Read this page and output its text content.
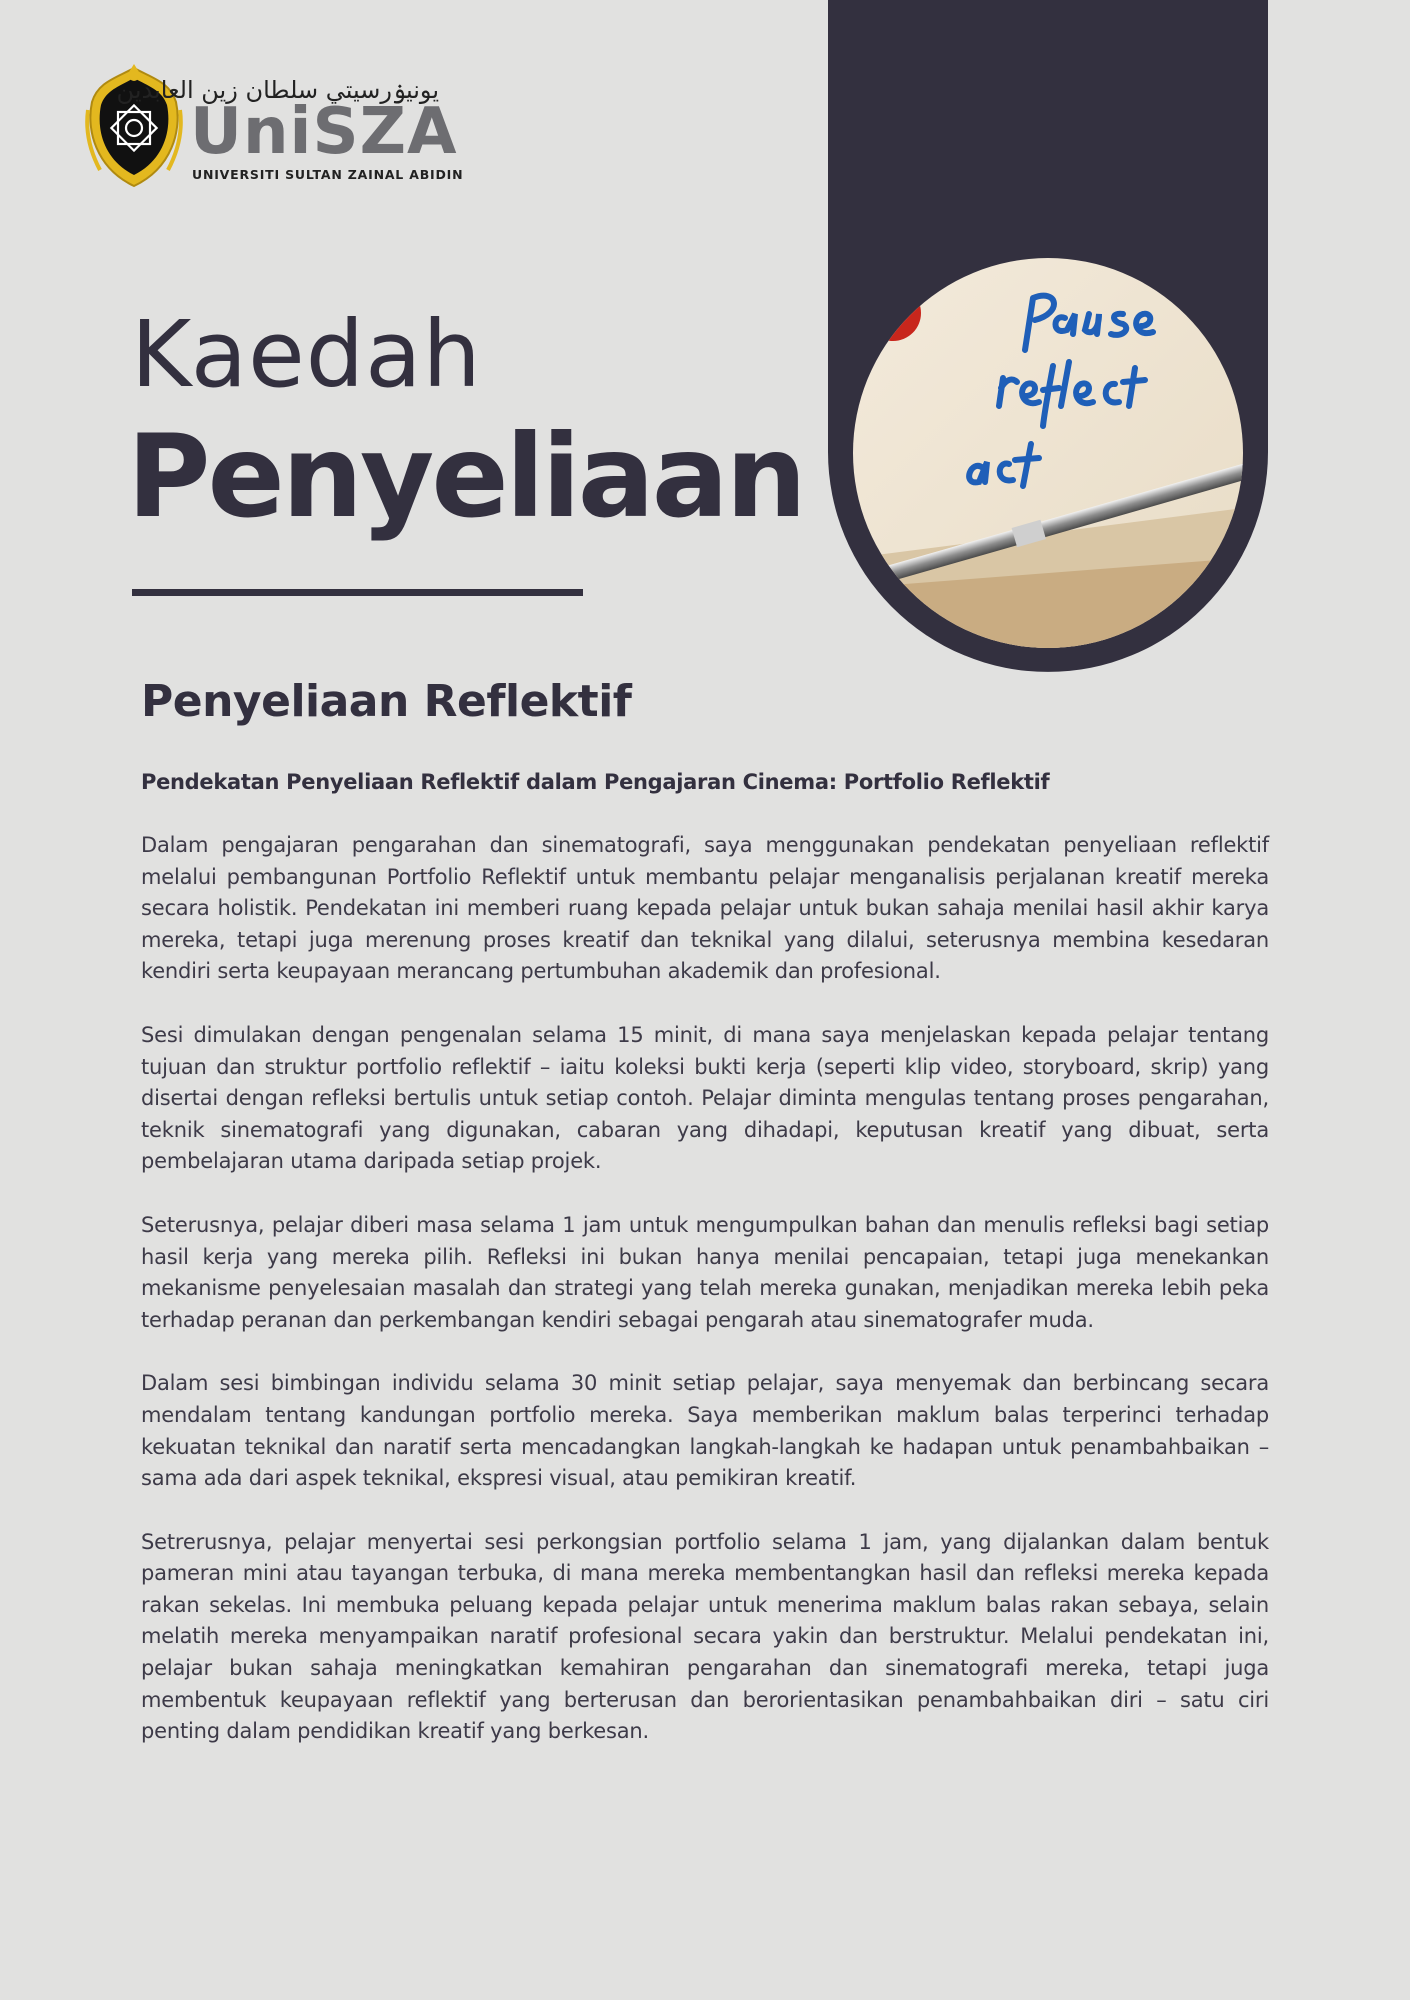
يونيۏرسيتي سلطان زين العابدين
UniSZA
UNIVERSITI SULTAN ZAINAL ABIDIN
Kaedah
Penyeliaan
Penyeliaan Reflektif

Pendekatan Penyeliaan Reflektif dalam Pengajaran Cinema: Portfolio Reflektif

Dalam pengajaran pengarahan dan sinematografi, saya menggunakan pendekatan penyeliaan reflektif melalui pembangunan Portfolio Reflektif untuk membantu pelajar menganalisis perjalanan kreatif mereka secara holistik. Pendekatan ini memberi ruang kepada pelajar untuk bukan sahaja menilai hasil akhir karya mereka, tetapi juga merenung proses kreatif dan teknikal yang dilalui, seterusnya membina kesedaran kendiri serta keupayaan merancang pertumbuhan akademik dan profesional.

Sesi dimulakan dengan pengenalan selama 15 minit, di mana saya menjelaskan kepada pelajar tentang tujuan dan struktur portfolio reflektif – iaitu koleksi bukti kerja (seperti klip video, storyboard, skrip) yang disertai dengan refleksi bertulis untuk setiap contoh. Pelajar diminta mengulas tentang proses pengarahan, teknik sinematografi yang digunakan, cabaran yang dihadapi, keputusan kreatif yang dibuat, serta pembelajaran utama daripada setiap projek.

Seterusnya, pelajar diberi masa selama 1 jam untuk mengumpulkan bahan dan menulis refleksi bagi setiap hasil kerja yang mereka pilih. Refleksi ini bukan hanya menilai pencapaian, tetapi juga menekankan mekanisme penyelesaian masalah dan strategi yang telah mereka gunakan, menjadikan mereka lebih peka terhadap peranan dan perkembangan kendiri sebagai pengarah atau sinematografer muda.

Dalam sesi bimbingan individu selama 30 minit setiap pelajar, saya menyemak dan berbincang secara mendalam tentang kandungan portfolio mereka. Saya memberikan maklum balas terperinci terhadap kekuatan teknikal dan naratif serta mencadangkan langkah-langkah ke hadapan untuk penambahbaikan – sama ada dari aspek teknikal, ekspresi visual, atau pemikiran kreatif.

Setrerusnya, pelajar menyertai sesi perkongsian portfolio selama 1 jam, yang dijalankan dalam bentuk pameran mini atau tayangan terbuka, di mana mereka membentangkan hasil dan refleksi mereka kepada rakan sekelas. Ini membuka peluang kepada pelajar untuk menerima maklum balas rakan sebaya, selain melatih mereka menyampaikan naratif profesional secara yakin dan berstruktur. Melalui pendekatan ini, pelajar bukan sahaja meningkatkan kemahiran pengarahan dan sinematografi mereka, tetapi juga membentuk keupayaan reflektif yang berterusan dan berorientasikan penambahbaikan diri – satu ciri penting dalam pendidikan kreatif yang berkesan.
